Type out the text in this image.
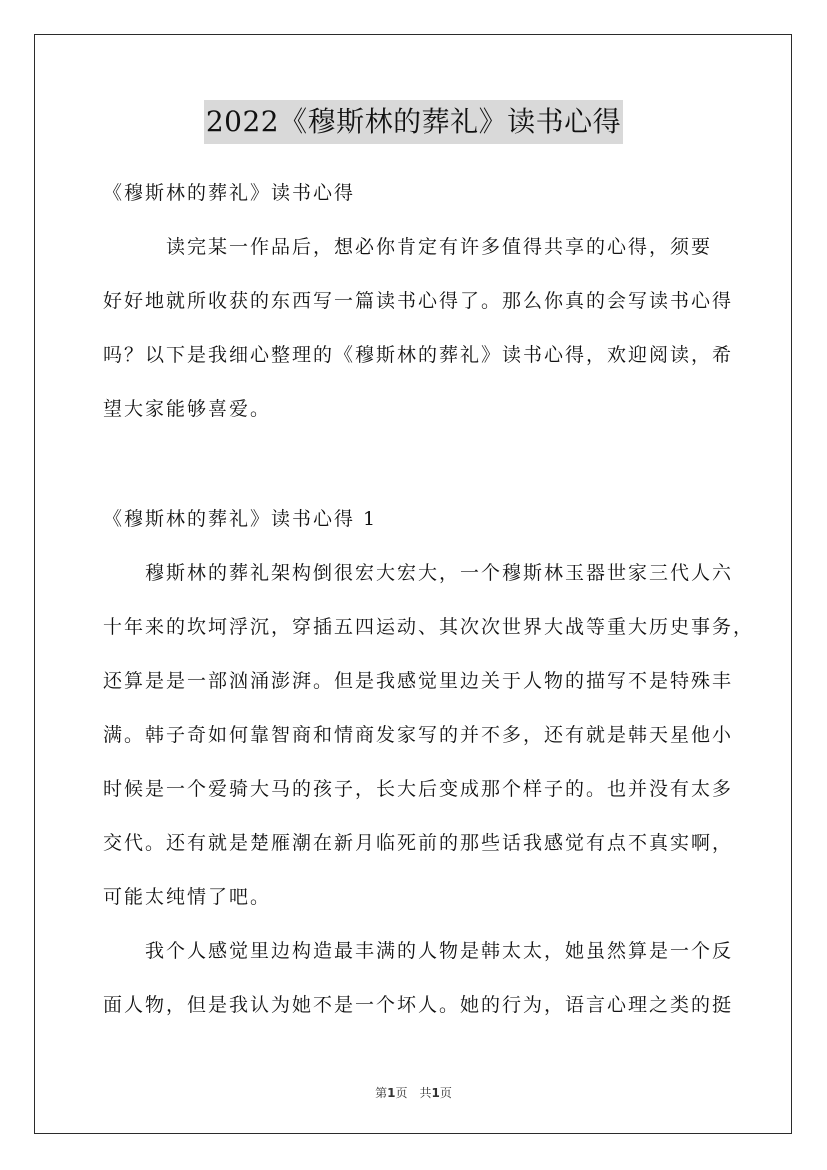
2022《穆斯林的葬礼》读书心得

《穆斯林的葬礼》读书心得

　　　读完某一作品后，想必你肯定有许多值得共享的心得，须要
好好地就所收获的东西写一篇读书心得了。那么你真的会写读书心得
吗？以下是我细心整理的《穆斯林的葬礼》读书心得，欢迎阅读，希
望大家能够喜爱。

《穆斯林的葬礼》读书心得 1

　　穆斯林的葬礼架构倒很宏大宏大，一个穆斯林玉器世家三代人六
十年来的坎坷浮沉，穿插五四运动、其次次世界大战等重大历史事务，
还算是是一部汹涌澎湃。但是我感觉里边关于人物的描写不是特殊丰
满。韩子奇如何靠智商和情商发家写的并不多，还有就是韩天星他小
时候是一个爱骑大马的孩子，长大后变成那个样子的。也并没有太多
交代。还有就是楚雁潮在新月临死前的那些话我感觉有点不真实啊，
可能太纯情了吧。

　　我个人感觉里边构造最丰满的人物是韩太太，她虽然算是一个反
面人物，但是我认为她不是一个坏人。她的行为，语言心理之类的挺

第1页　共1页
